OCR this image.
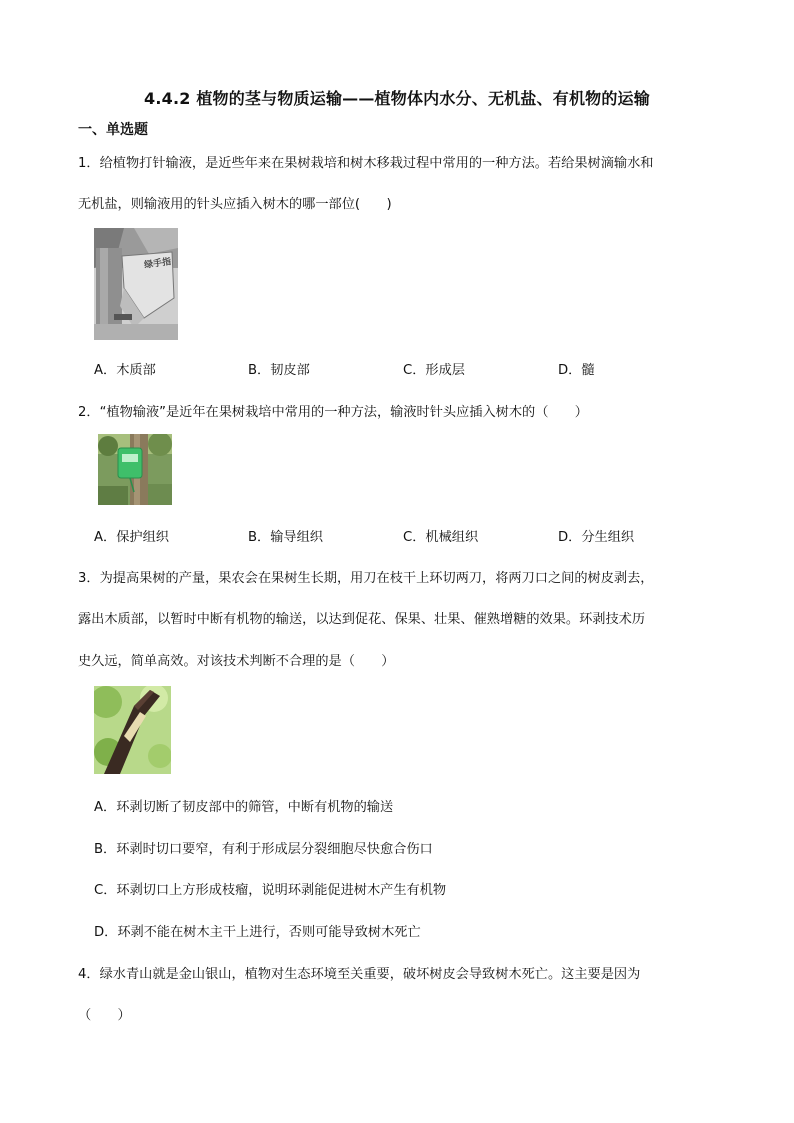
4.4.2 植物的茎与物质运输——植物体内水分、无机盐、有机物的运输
一、单选题
1．给植物打针输液，是近些年来在果树栽培和树木移栽过程中常用的一种方法。若给果树滴输水和
无机盐，则输液用的针头应插入树木的哪一部位(　　)
绿手指
A．木质部	B．韧皮部	C．形成层	D．髓
2．“植物输液”是近年在果树栽培中常用的一种方法，输液时针头应插入树木的（　　）
A．保护组织	B．输导组织	C．机械组织	D．分生组织
3．为提高果树的产量，果农会在果树生长期，用刀在枝干上环切两刀，将两刀口之间的树皮剥去，
露出木质部，以暂时中断有机物的输送，以达到促花、保果、壮果、催熟增糖的效果。环剥技术历
史久远，简单高效。对该技术判断不合理的是（　　）
A．环剥切断了韧皮部中的筛管，中断有机物的输送
B．环剥时切口要窄，有利于形成层分裂细胞尽快愈合伤口
C．环剥切口上方形成枝瘤，说明环剥能促进树木产生有机物
D．环剥不能在树木主干上进行，否则可能导致树木死亡
4．绿水青山就是金山银山，植物对生态环境至关重要，破坏树皮会导致树木死亡。这主要是因为
（　　）
